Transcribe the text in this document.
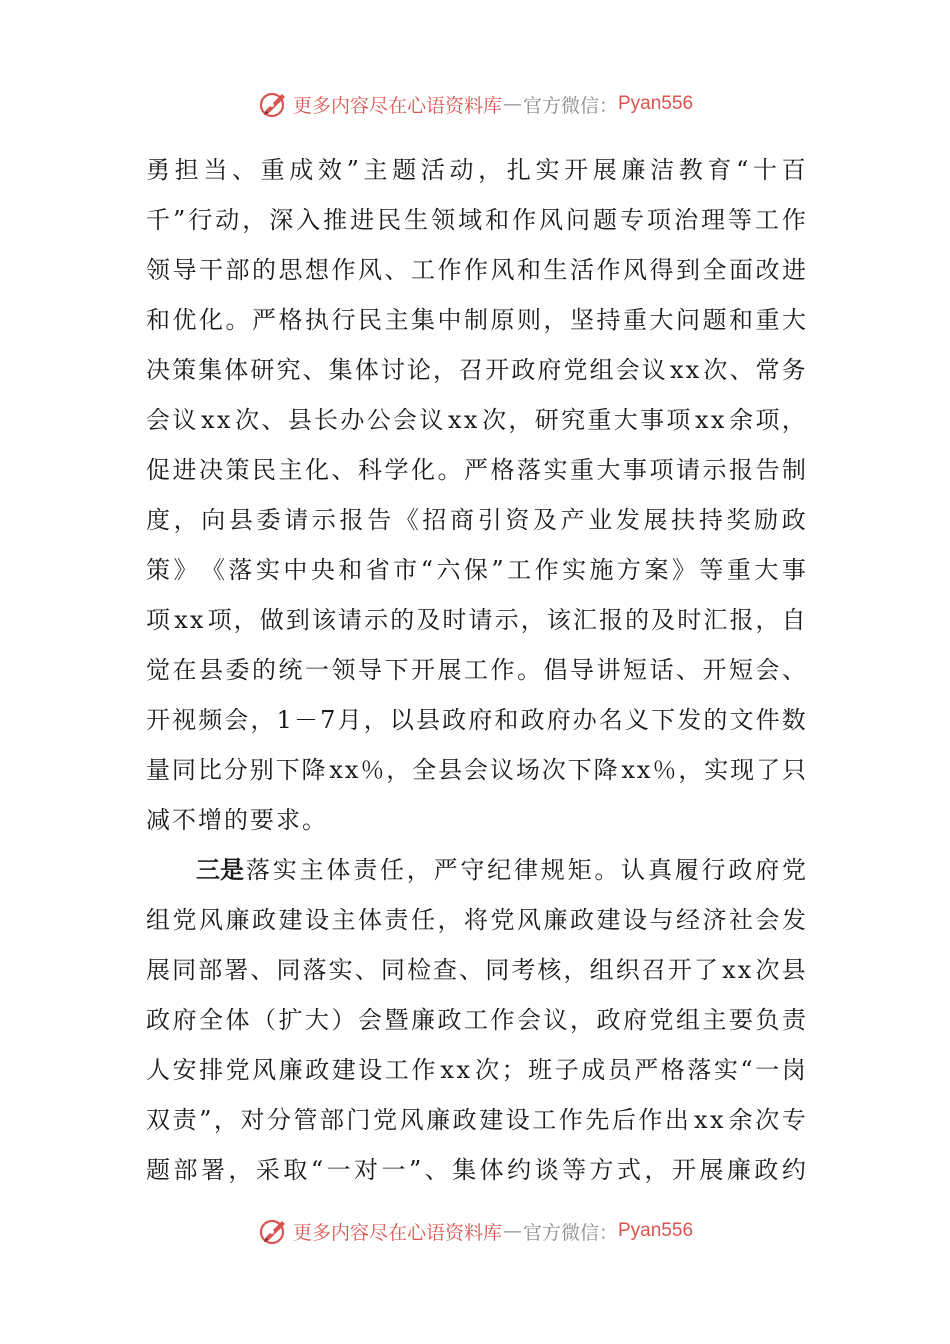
更多内容尽在心语资料库 — 官方微信： Pyan556
勇 担 当 、 重 成 效 ” 主 题 活 动 ， 扎 实 开 展 廉 洁 教 育 “ 十 百
千 ” 行 动 ， 深 入 推 进 民 生 领 域 和 作 风 问 题 专 项 治 理 等 工 作
领 导 干 部 的 思 想 作 风 、 工 作 作 风 和 生 活 作 风 得 到 全 面 改 进
和 优 化 。 严 格 执 行 民 主 集 中 制 原 则 ， 坚 持 重 大 问 题 和 重 大
决 策 集 体 研 究 、 集 体 讨 论 ， 召 开 政 府 党 组 会 议 x x 次 、 常 务
会 议 x x 次 、 县 长 办 公 会 议 x x 次 ， 研 究 重 大 事 项 x x 余 项 ，
促 进 决 策 民 主 化 、 科 学 化 。 严 格 落 实 重 大 事 项 请 示 报 告 制
度 ， 向 县 委 请 示 报 告 《 招 商 引 资 及 产 业 发 展 扶 持 奖 励 政
策 》 《 落 实 中 央 和 省 市 “ 六 保 ” 工 作 实 施 方 案 》 等 重 大 事
项 x x 项 ， 做 到 该 请 示 的 及 时 请 示 ， 该 汇 报 的 及 时 汇 报 ， 自
觉 在 县 委 的 统 一 领 导 下 开 展 工 作 。 倡 导 讲 短 话 、 开 短 会 、
开 视 频 会 ， 1 － 7 月 ， 以 县 政 府 和 政 府 办 名 义 下 发 的 文 件 数
量 同 比 分 别 下 降 x x ％ ， 全 县 会 议 场 次 下 降 x x ％ ， 实 现 了 只
减不增的要求。
三是 落 实 主 体 责 任 ， 严 守 纪 律 规 矩 。 认 真 履 行 政 府 党
组 党 风 廉 政 建 设 主 体 责 任 ， 将 党 风 廉 政 建 设 与 经 济 社 会 发
展 同 部 署 、 同 落 实 、 同 检 查 、 同 考 核 ， 组 织 召 开 了 x x 次 县
政 府 全 体 （ 扩 大 ） 会 暨 廉 政 工 作 会 议 ， 政 府 党 组 主 要 负 责
人 安 排 党 风 廉 政 建 设 工 作 x x 次 ； 班 子 成 员 严 格 落 实 “ 一 岗
双 责 ” ， 对 分 管 部 门 党 风 廉 政 建 设 工 作 先 后 作 出 x x 余 次 专
题 部 署 ， 采 取 “ 一 对 一 ” 、 集 体 约 谈 等 方 式 ， 开 展 廉 政 约
更多内容尽在心语资料库 — 官方微信： Pyan556
